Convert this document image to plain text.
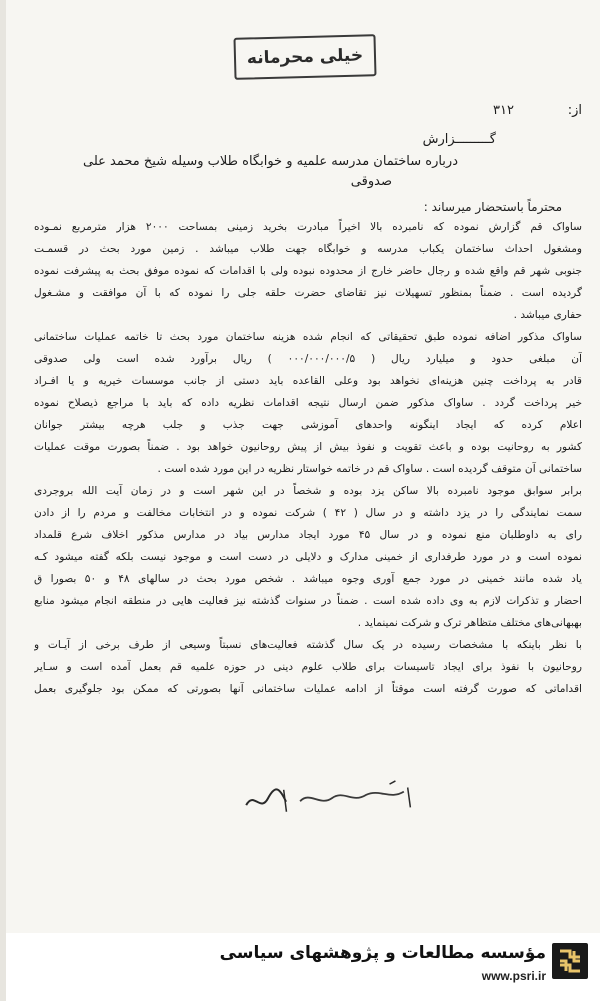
خیلی محرمانه
از:
۳۱۲
گـــــــــزارش
درباره ساختمان مدرسه علمیه و خوابگاه طلاب وسیله شیخ محمد علی
صدوقی
محترماً باستحضار میرساند :
ساواک قم گزارش نموده که نامبرده بالا اخیراً مبادرت بخرید زمینی بمساحت ۲۰۰۰ هزار مترمربع نمـوده
ومشغول احداث ساختمان یکباب مدرسه و خوابگاه جهت طلاب میباشد . زمین مورد بحث در قسمـت
جنوبی شهر قم واقع شده و رجال حاضر خارج از محدوده نبوده ولی با اقدامات که نموده موفق بحث به پیشرفت نموده
گردیده است . ضمناً بمنظور تسهیلات نیز تقاضای حضرت حلقه جلی را نموده که با آن موافقت و مشـغول
حفاری میباشد .
ساواک مذکور اضافه نموده طبق تحقیقاتی که انجام شده هزینه ساختمان مورد بحث تا خاتمه عملیات ساختمانی
آن مبلغی حدود و میلیارد ریال ( ۰۰۰/۰۰۰/۰۰۰/۵ ) ریال برآورد شده است ولی صدوقی
قادر به پرداخت چنین هزینه‌ای نخواهد بود وعلی القاعده باید دستی از جانب موسسات خیریه و یا افـراد
خیر پرداخت گردد . ساواک مذکور ضمن ارسال نتیجه اقدامات نظریه داده که باید با مراجع ذیصلاح نموده
اعلام کرده که ایجاد اینگونه واحدهای آموزشی جهت جذب و جلب هرچه بیشتر جوانان
کشور به روحانیت بوده و باعث تقویت و نفوذ بیش از پیش روحانیون خواهد بود . ضمناً بصورت موقت عملیات
ساختمانی آن متوقف گردیده است . ساواک قم در خاتمه خواستار نظریه در این مورد شده است .
برابر سوابق موجود نامبرده بالا ساکن یزد بوده و شخصاً در این شهر است و در زمان آیت الله بروجردی
سمت نمایندگی را در یزد داشته و در سال ( ۴۲ ) شرکت نموده و در انتخابات مخالفت و مردم را از دادن
رای به داوطلبان منع نموده و در سال ۴۵ مورد ایجاد مدارس بیاد در مدارس مذکور اخلاف شرع قلمداد
نموده است و در مورد طرفداری از خمینی مدارک و دلایلی در دست است و موجود نیست بلکه گفته میشود کـه
یاد شده مانند خمینی در مورد جمع آوری وجوه میباشد . شخص مورد بحث در سالهای ۴۸ و ۵۰ بصورا ق
احضار و تذکرات لازم به وی داده شده است . ضمناً در سنوات گذشته نیز فعالیت هایی در منطقه انجام میشود منابع
بهبهانی‌های مختلف متظاهر ترک و شرکت نمینماید .
با نظر باینکه با مشخصات رسیده در یک سال گذشته فعالیت‌های نسبتاً وسیعی از طرف برخی از آیـات و
روحانیون با نفوذ برای ایجاد تاسیسات برای طلاب علوم دینی در حوزه علمیه قم بعمل آمده است و سـایر
اقداماتی که صورت گرفته است موقتاً از ادامه عملیات ساختمانی آنها بصورتی که ممکن بود جلوگیری بعمل
مؤسسه مطالعات و پژوهشهای سیاسی
www.psri.ir
